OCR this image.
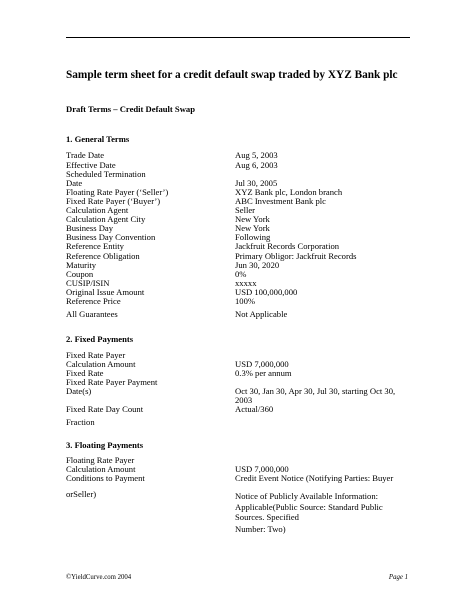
Sample term sheet for a credit default swap traded by XYZ Bank plc
Draft Terms – Credit Default Swap
1. General Terms
Trade Date	Aug 5, 2003
Effective Date	Aug 6, 2003
Scheduled Termination
Date	Jul 30, 2005
Floating Rate Payer (‘Seller’)	XYZ Bank plc, London branch
Fixed Rate Payer (‘Buyer’)	ABC Investment Bank plc
Calculation Agent	Seller
Calculation Agent City	New York
Business Day	New York
Business Day Convention	Following
Reference Entity	Jackfruit Records Corporation
Reference Obligation	Primary Obligor: Jackfruit Records
Maturity	Jun 30, 2020
Coupon	0%
CUSIP/ISIN	xxxxx
Original Issue Amount	USD 100,000,000
Reference Price	100%
All Guarantees	Not Applicable
2. Fixed Payments
Fixed Rate Payer
Calculation Amount	USD 7,000,000
Fixed Rate	0.3% per annum
Fixed Rate Payer Payment
Date(s)	Oct 30, Jan 30, Apr 30, Jul 30, starting Oct 30,
2003
Fixed Rate Day Count	Actual/360
Fraction
3. Floating Payments
Floating Rate Payer
Calculation Amount	USD 7,000,000
Conditions to Payment	Credit Event Notice (Notifying Parties: Buyer
orSeller)	Notice of Publicly Available Information:
Applicable(Public Source: Standard Public
Sources. Specified
Number: Two)
©YieldCurve.com 2004	Page 1
